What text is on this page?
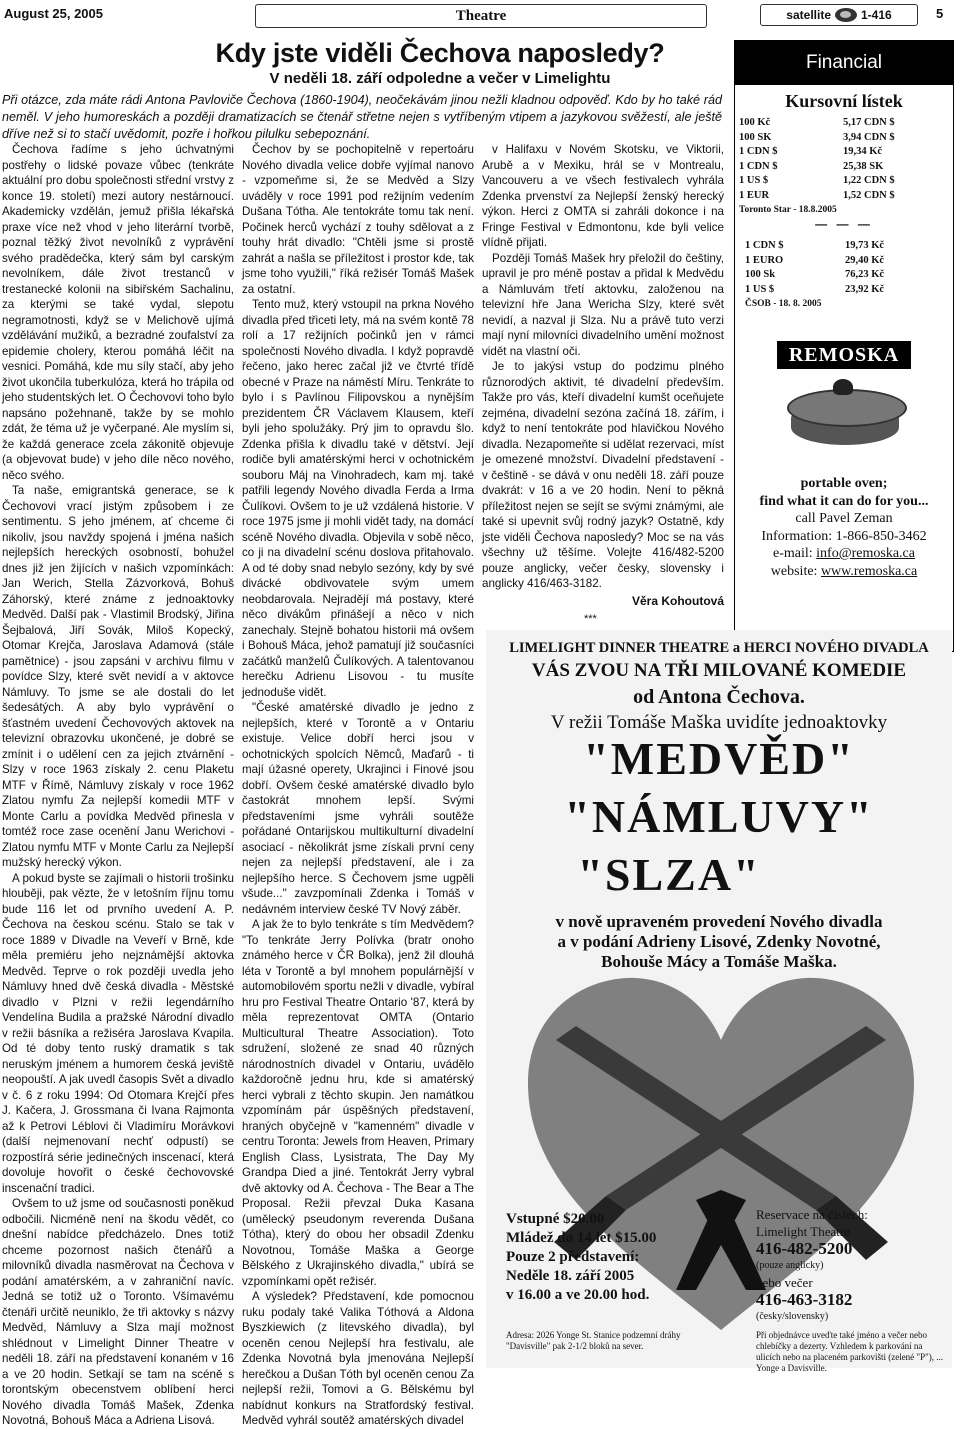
August 25, 2005	Theatre	satellite	1-416	5
Kdy jste viděli Čechova naposledy?
V neděli 18. září odpoledne a večer v Limelightu
Při otázce, zda máte rádi Antona Pavloviče Čechova (1860-1904), neočekávám jinou nežli kladnou odpověď. Kdo by ho také rád neměl. V jeho humoreskách a později dramatizacích se čtenář střetne nejen s vytříbeným vtipem a jazykovou svěžestí, ale ještě dříve než si to stačí uvědomit, pozře i hořkou pilulku sebepoznání.

Čechova řadíme s jeho úchvatnými postřehy o lidské povaze vůbec (tenkráte aktuální pro dobu společnosti střední vrstvy z konce 19. století) mezi autory nestárnoucí. Akademicky vzdělán, jemuž přišla lékařská praxe více než vhod v jeho literární tvorbě, poznal těžký život nevolníků z vyprávění svého pradědečka, který sám byl carským nevolníkem, dále život trestanců v trestanecké kolonii na sibiřském Sachalinu, za kterými se také vydal, slepotu negramotnosti, když se v Melichově ujímá vzdělávání mužiků, a bezradné zoufalství za epidemie cholery, kterou pomáhá léčit na vesnici. Pomáhá, kde mu síly stačí, aby jeho život ukončila tuberkulóza, která ho trápila od jeho studentských let. O Čechovovi toho bylo napsáno požehnaně, takže by se mohlo zdát, že téma už je vyčerpané. Ale myslím si, že každá generace zcela zákonitě objevuje (a objevovat bude) v jeho díle něco nového, něco svého.

Ta naše, emigrantská generace, se k Čechovovi vrací jistým způsobem i ze sentimentu. S jeho jménem, ať chceme či nikoliv, jsou navždy spojená i jména našich nejlepších hereckých osobností, bohužel dnes již jen žijících v našich vzpomínkách: Jan Werich, Stella Zázvorková, Bohuš Záhorský, které známe z jednoaktovky Medvěd. Další pak - Vlastimil Brodský, Jiřina Šejbalová, Jiří Sovák, Miloš Kopecký, Otomar Krejča, Jaroslava Adamová (stále pamětnice) - jsou zapsáni v archivu filmu v povídce Slzy, které svět nevidí a v aktovce Námluvy. To jsme se ale dostali do let šedesátých. A aby bylo vyprávění o šťastném uvedení Čechovových aktovek na televizní obrazovku ukončené, je dobré se zmínit i o udělení cen za jejich ztvárnění - Slzy v roce 1963 získaly 2. cenu Plaketu MTF v Římě, Námluvy získaly v roce 1962 Zlatou nymfu Za nejlepší komedii MTF v Monte Carlu a povídka Medvěd přinesla v tomtéž roce zase ocenění Janu Werichovi - Zlatou nymfu MTF v Monte Carlu za Nejlepší mužský herecký výkon.

A pokud byste se zajímali o historii trošinku hlouběji, pak vězte, že v letošním říjnu tomu bude 116 let od prvního uvedení A. P. Čechova na českou scénu. Stalo se tak v roce 1889 v Divadle na Veveří v Brně, kde měla premiéru jeho nejznámější aktovka Medvěd. Teprve o rok později uvedla jeho Námluvy hned dvě česká divadla - Městské divadlo v Plzni v režii legendárního Vendelína Budila a pražské Národní divadlo v režii básníka a režiséra Jaroslava Kvapila. Od té doby tento ruský dramatik s tak neruským jménem a humorem česká jeviště neopouští. A jak uvedl časopis Svět a divadlo v č. 6 z roku 1994: Od Otomara Krejčí přes J. Kačera, J. Grossmana či Ivana Rajmonta až k Petrovi Léblovi či Vladimíru Morávkovi (další nejmenovaní nechť odpustí) se rozpostírá série jedinečných inscenací, která dovoluje hovořit o české čechovovské inscenační tradici.

Ovšem to už jsme od současnosti poněkud odbočili. Nicméně není na škodu vědět, co dnešní nabídce předcházelo. Dnes totiž chceme pozornost našich čtenářů a milovníků divadla nasměrovat na Čechova v podání amatérském, a v zahraniční navíc. Jedná se totiž už o Toronto. Všímavému čtenáři určitě neuniklo, že tři aktovky s názvy Medvěd, Námluvy a Slza mají možnost shlédnout v Limelight Dinner Theatre v neděli 18. září na představení konaném v 16 a ve 20 hodin. Setkají se tam na scéně s torontským obecenstvem oblíbení herci Nového divadla Tomáš Mašek, Zdenka Novotná, Bohouš Máca a Adriena Lisová.

Čechov by se pochopitelně v repertoáru Nového divadla velice dobře vyjímal nanovo - vzpomeňme si, že se Medvěd a Slzy uváděly v roce 1991 pod režijním vedením Dušana Tótha. Ale tentokráte tomu tak není. Počinek herců vychází z touhy sdělovat a z touhy hrát divadlo: "Chtěli jsme si prostě zahrát a našla se příležitost i prostor kde, tak jsme toho využili," říká režisér Tomáš Mašek za ostatní.

Tento muž, který vstoupil na prkna Nového divadla před třiceti lety, má na svém kontě 78 rolí a 17 režijních počinků jen v rámci společnosti Nového divadla. I když popravdě řečeno, jako herec začal již ve čtvrté třídě obecné v Praze na náměstí Míru. Tenkráte to bylo i s Pavlínou Filipovskou a nynějším prezidentem ČR Václavem Klausem, kteří byli jeho spolužáky. Prý jim to opravdu šlo. Zdenka přišla k divadlu také v dětství. Její rodiče byli amatérskými herci v ochotnickém souboru Máj na Vinohradech, kam mj. také patřili legendy Nového divadla Ferda a Irma Čulíkovi. Ovšem to je už vzdálená historie. V roce 1975 jsme ji mohli vidět tady, na domácí scéně Nového divadla. Objevila v sobě něco, co ji na divadelní scénu doslova přitahovalo. A od té doby snad nebylo sezóny, kdy by své divácké obdivovatele svým umem neobdarovala. Nejradějí má postavy, které něco divákům přinášejí a něco v nich zanechaly. Stejně bohatou historii má ovšem i Bohouš Máca, jehož pamatují již současníci začátků manželů Čulíkových. A talentovanou herečku Adrienu Lisovou - tu musíte jednoduše vidět.

"České amatérské divadlo je jedno z nejlepších, které v Torontě a v Ontariu existuje. Velice dobří herci jsou v ochotnických spolcích Němců, Maďarů - ti mají úžasné operety, Ukrajinci i Finové jsou dobří. Ovšem české amatérské divadlo bylo častokrát mnohem lepší. Svými představeními jsme vyhráli soutěže pořádané Ontarijskou multikulturní divadelní asociací - několikrát jsme získali první ceny nejen za nejlepší představení, ale i za nejlepšího herce. S Čechovem jsme ugpěli všude..." zavzpomínali Zdenka i Tomáš v nedávném interview české TV Nový záběr.

A jak že to bylo tenkráte s tím Medvědem? "To tenkráte Jerry Polívka (bratr onoho známého herce v ČR Bolka), jenž žil dlouhá léta v Torontě a byl mnohem populárnější v automobilovém sportu nežli v divadle, vybíral hru pro Festival Theatre Ontario '87, která by měla reprezentovat OMTA (Ontario Multicultural Theatre Association). Toto sdružení, složené ze snad 40 různých národnostních divadel v Ontariu, uvádělo každoročně jednu hru, kde si amatérský herci vybrali z těchto skupin. Jen namátkou vzpomínám pár úspěšných představení, hraných obyčejně v "kamenném" divadle v centru Toronta: Jewels from Heaven, Primary English Class, Lysistrata, The Day My Grandpa Died a jiné. Tentokrát Jerry vybral dvě aktovky od A. Čechova - The Bear a The Proposal. Režii převzal Duka Kasana (umělecký pseudonym reverenda Dušana Tótha), který do obou her obsadil Zdenku Novotnou, Tomáše Maška a George Bělského z Ukrajinského divadla," ubírá se vzpomínkami opět režisér.

A výsledek? Představení, kde pomocnou ruku podaly také Valika Tóthová a Aldona Byszkiewich (z litevského divadla), byl oceněn cenou Nejlepší hra festivalu, ale Zdenka Novotná byla jmenována Nejlepší herečkou a Dušan Tóth byl oceněn cenou Za nejlepší režii, Tomovi a G. Bělskému byl nabídnut konkurs na Stratfordský festival. Medvěd vyhrál soutěž amatérských divadel

v Halifaxu v Novém Skotsku, ve Viktorii, Arubě a v Mexiku, hrál se v Montrealu, Vancouveru a ve všech festivalech vyhrála Zdenka prvenství za Nejlepší ženský herecký výkon. Herci z OMTA si zahráli dokonce i na Fringe Festival v Edmontonu, kde byli velice vlídně přijati.

Později Tomáš Mašek hry přeložil do češtiny, upravil je pro méně postav a přidal k Medvědu a Námluvám třetí aktovku, založenou na televizní hře Jana Wericha Slzy, které svět nevidí, a nazval ji Slza. Nu a právě tuto verzi mají nyní milovníci divadelního umění možnost vidět na vlastní oči.

Je to jakýsi vstup do podzimu plného různorodých aktivit, té divadelní především. Takže pro vás, kteří divadelní kumšt oceňujete zejména, divadelní sezóna začíná 18. zářím, i když to není tentokráte pod hlavičkou Nového divadla. Nezapomeňte si udělat rezervaci, míst je omezené množství. Divadelní představení - v češtině - se dává v onu neděli 18. září pouze dvakrát: v 16 a ve 20 hodin. Není to pěkná příležitost nejen se sejít se svými známými, ale také si upevnit svůj rodný jazyk? Ostatně, kdy jste viděli Čechova naposledy? Moc se na vás všechny už těšíme. Volejte 416/482-5200 pouze anglicky, večer česky, slovensky i anglicky 416/463-3182.

Věra Kohoutová
***
Financial
Kursovní lístek
100 Kč	5,17 CDN $
100 SK	3,94 CDN $
1 CDN $	19,34 Kč
1 CDN $	25,38 SK
1 US $	1,22 CDN $
1 EUR	1,52 CDN $
Toronto Star - 18.8.2005
— — —
1 CDN $	19,73 Kč
1 EURO	29,40 Kč
100 Sk	76,23 Kč
1 US $	23,92 Kč
ČSOB - 18. 8. 2005
REMOSKA
portable oven;
find what it can do for you...
call Pavel Zeman
Information: 1-866-850-3462
e-mail: info@remoska.ca
website: www.remoska.ca
LIMELIGHT DINNER THEATRE a HERCI NOVÉHO DIVADLA
VÁS ZVOU NA TŘI MILOVANÉ KOMEDIE
od Antona Čechova.
V režii Tomáše Maška uvidíte jednoaktovky
"MEDVĚD"
"NÁMLUVY"
"SLZA"
v nově upraveném provedení Nového divadla
a v podání Adrieny Lisové, Zdenky Novotné,
Bohouše Mácy a Tomáše Maška.
Vstupné $20.00
Mládež do 14 let $15.00
Pouze 2 představení:
Neděle 18. září 2005
v 16.00 a ve 20.00 hod.
Reservace na číslech:
Limelight Theatre
416-482-5200
(pouze anglicky)
nebo večer
416-463-3182
(česky/slovensky)
Adresa: 2026 Yonge St. Stanice podzemní dráhy "Davisville" pak 2-1/2 bloků na sever.
Při objednávce uveďte také jméno a večer nebo chlebíčky a dezerty. Vzhledem k parkování na ulicích nebo na placeném parkovišti (zelené "P"), ... Yonge a Davisville.
